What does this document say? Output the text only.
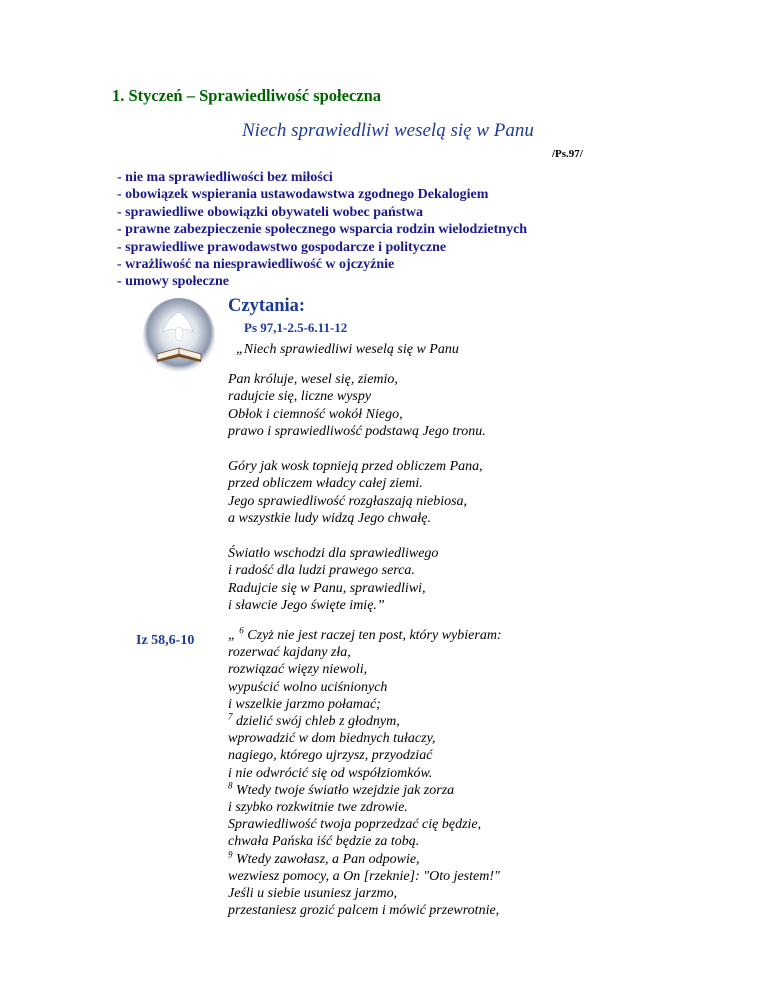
1. Styczeń – Sprawiedliwość społeczna
Niech sprawiedliwi weselą się w Panu
/Ps.97/
- nie ma sprawiedliwości bez miłości
- obowiązek wspierania ustawodawstwa zgodnego Dekalogiem
- sprawiedliwe obowiązki obywateli wobec państwa
- prawne zabezpieczenie społecznego wsparcia rodzin wielodzietnych
- sprawiedliwe prawodawstwo gospodarcze i polityczne
- wrażliwość na niesprawiedliwość w ojczyźnie
- umowy społeczne
Czytania:
Ps 97,1-2.5-6.11-12
„Niech sprawiedliwi weselą się w Panu
Pan króluje, wesel się, ziemio,
radujcie się, liczne wyspy
Obłok i ciemność wokół Niego,
prawo i sprawiedliwość podstawą Jego tronu.
Góry jak wosk topnieją przed obliczem Pana,
przed obliczem władcy całej ziemi.
Jego sprawiedliwość rozgłaszają niebiosa,
a wszystkie ludy widzą Jego chwałę.
Światło wschodzi dla sprawiedliwego
i radość dla ludzi prawego serca.
Radujcie się w Panu, sprawiedliwi,
i sławcie Jego święte imię.”
Iz 58,6-10 „ $^6$ Czyż nie jest raczej ten post, który wybieram:
rozerwać kajdany zła,
rozwiązać więzy niewoli,
wypuścić wolno uciśnionych
i wszelkie jarzmo połamać;
$^7$ dzielić swój chleb z głodnym,
wprowadzić w dom biednych tułaczy,
nagiego, którego ujrzysz, przyodziać
i nie odwrócić się od współziomków.
$^8$ Wtedy twoje światło wzejdzie jak zorza
i szybko rozkwitnie twe zdrowie.
Sprawiedliwość twoja poprzedzać cię będzie,
chwała Pańska iść będzie za tobą.
$^9$ Wtedy zawołasz, a Pan odpowie,
wezwiesz pomocy, a On [rzeknie]: "Oto jestem!"
Jeśli u siebie usuniesz jarzmo,
przestaniesz grozić palcem i mówić przewrotnie,
